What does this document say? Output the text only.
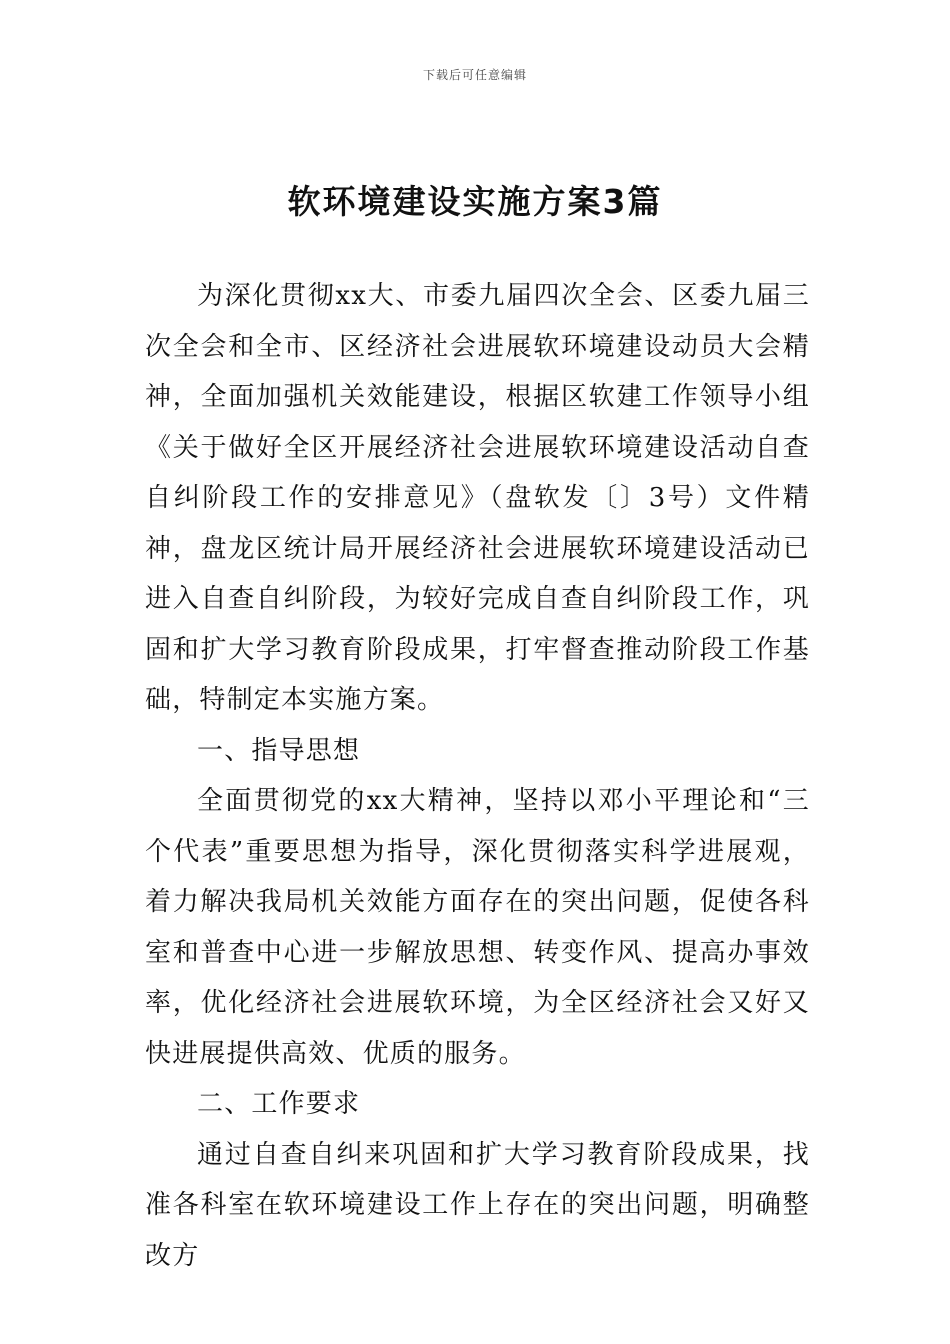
下载后可任意编辑
软环境建设实施方案3篇

为深化贯彻xx大、市委九届四次全会、区委九届三次全会和全市、区经济社会进展软环境建设动员大会精神，全面加强机关效能建设，根据区软建工作领导小组《关于做好全区开展经济社会进展软环境建设活动自查自纠阶段工作的安排意见》（盘软发〔〕3号）文件精神，盘龙区统计局开展经济社会进展软环境建设活动已进入自查自纠阶段，为较好完成自查自纠阶段工作，巩固和扩大学习教育阶段成果，打牢督查推动阶段工作基础，特制定本实施方案。

一、指导思想

全面贯彻党的xx大精神，坚持以邓小平理论和“三个代表”重要思想为指导，深化贯彻落实科学进展观，着力解决我局机关效能方面存在的突出问题，促使各科室和普查中心进一步解放思想、转变作风、提高办事效率，优化经济社会进展软环境，为全区经济社会又好又快进展提供高效、优质的服务。

二、工作要求

通过自查自纠来巩固和扩大学习教育阶段成果，找准各科室在软环境建设工作上存在的突出问题，明确整改方
